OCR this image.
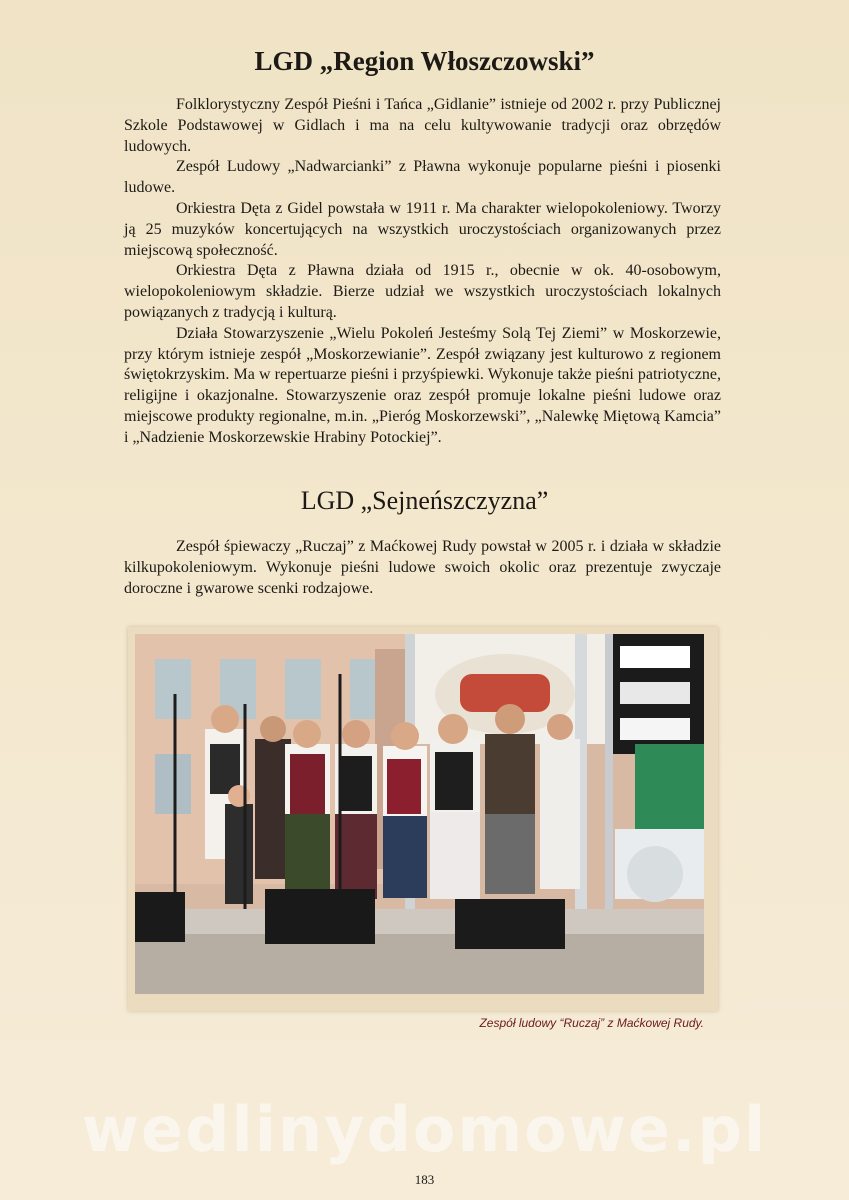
LGD „Region Włoszczowski”

Folklorystyczny Zespół Pieśni i Tańca „Gidlanie” istnieje od 2002 r. przy Publicznej Szkole Podstawowej w Gidlach i ma na celu kultywowanie tradycji oraz obrzędów ludowych.

Zespół Ludowy „Nadwarcianki” z Pławna wykonuje popularne pieśni i piosenki ludowe.

Orkiestra Dęta z Gidel powstała w 1911 r. Ma charakter wielopokoleniowy. Tworzy ją 25 muzyków koncertujących na wszystkich uroczystościach organizowanych przez miejscową społeczność.

Orkiestra Dęta z Pławna działa od 1915 r., obecnie w ok. 40-osobowym, wielopokoleniowym składzie. Bierze udział we wszystkich uroczystościach lokalnych powiązanych z tradycją i kulturą.

Działa Stowarzyszenie „Wielu Pokoleń Jesteśmy Solą Tej Ziemi” w Moskorzewie, przy którym istnieje zespół „Moskorzewianie”. Zespół związany jest kulturowo z regionem świętokrzyskim. Ma w repertuarze pieśni i przyśpiewki. Wykonuje także pieśni patriotyczne, religijne i okazjonalne. Stowarzyszenie oraz zespół promuje lokalne pieśni ludowe oraz miejscowe produkty regionalne, m.in. „Pieróg Moskorzewski”, „Nalewkę Miętową Kamcia” i „Nadzienie Moskorzewskie Hrabiny Potockiej”.

LGD „Sejneńszczyzna”

Zespół śpiewaczy „Ruczaj” z Maćkowej Rudy powstał w 2005 r. i działa w składzie kilkupokoleniowym. Wykonuje pieśni ludowe swoich okolic oraz prezentuje zwyczaje doroczne i gwarowe scenki rodzajowe.

Zespół ludowy “Ruczaj” z Maćkowej Rudy.
wedlinydomowe.pl
183
